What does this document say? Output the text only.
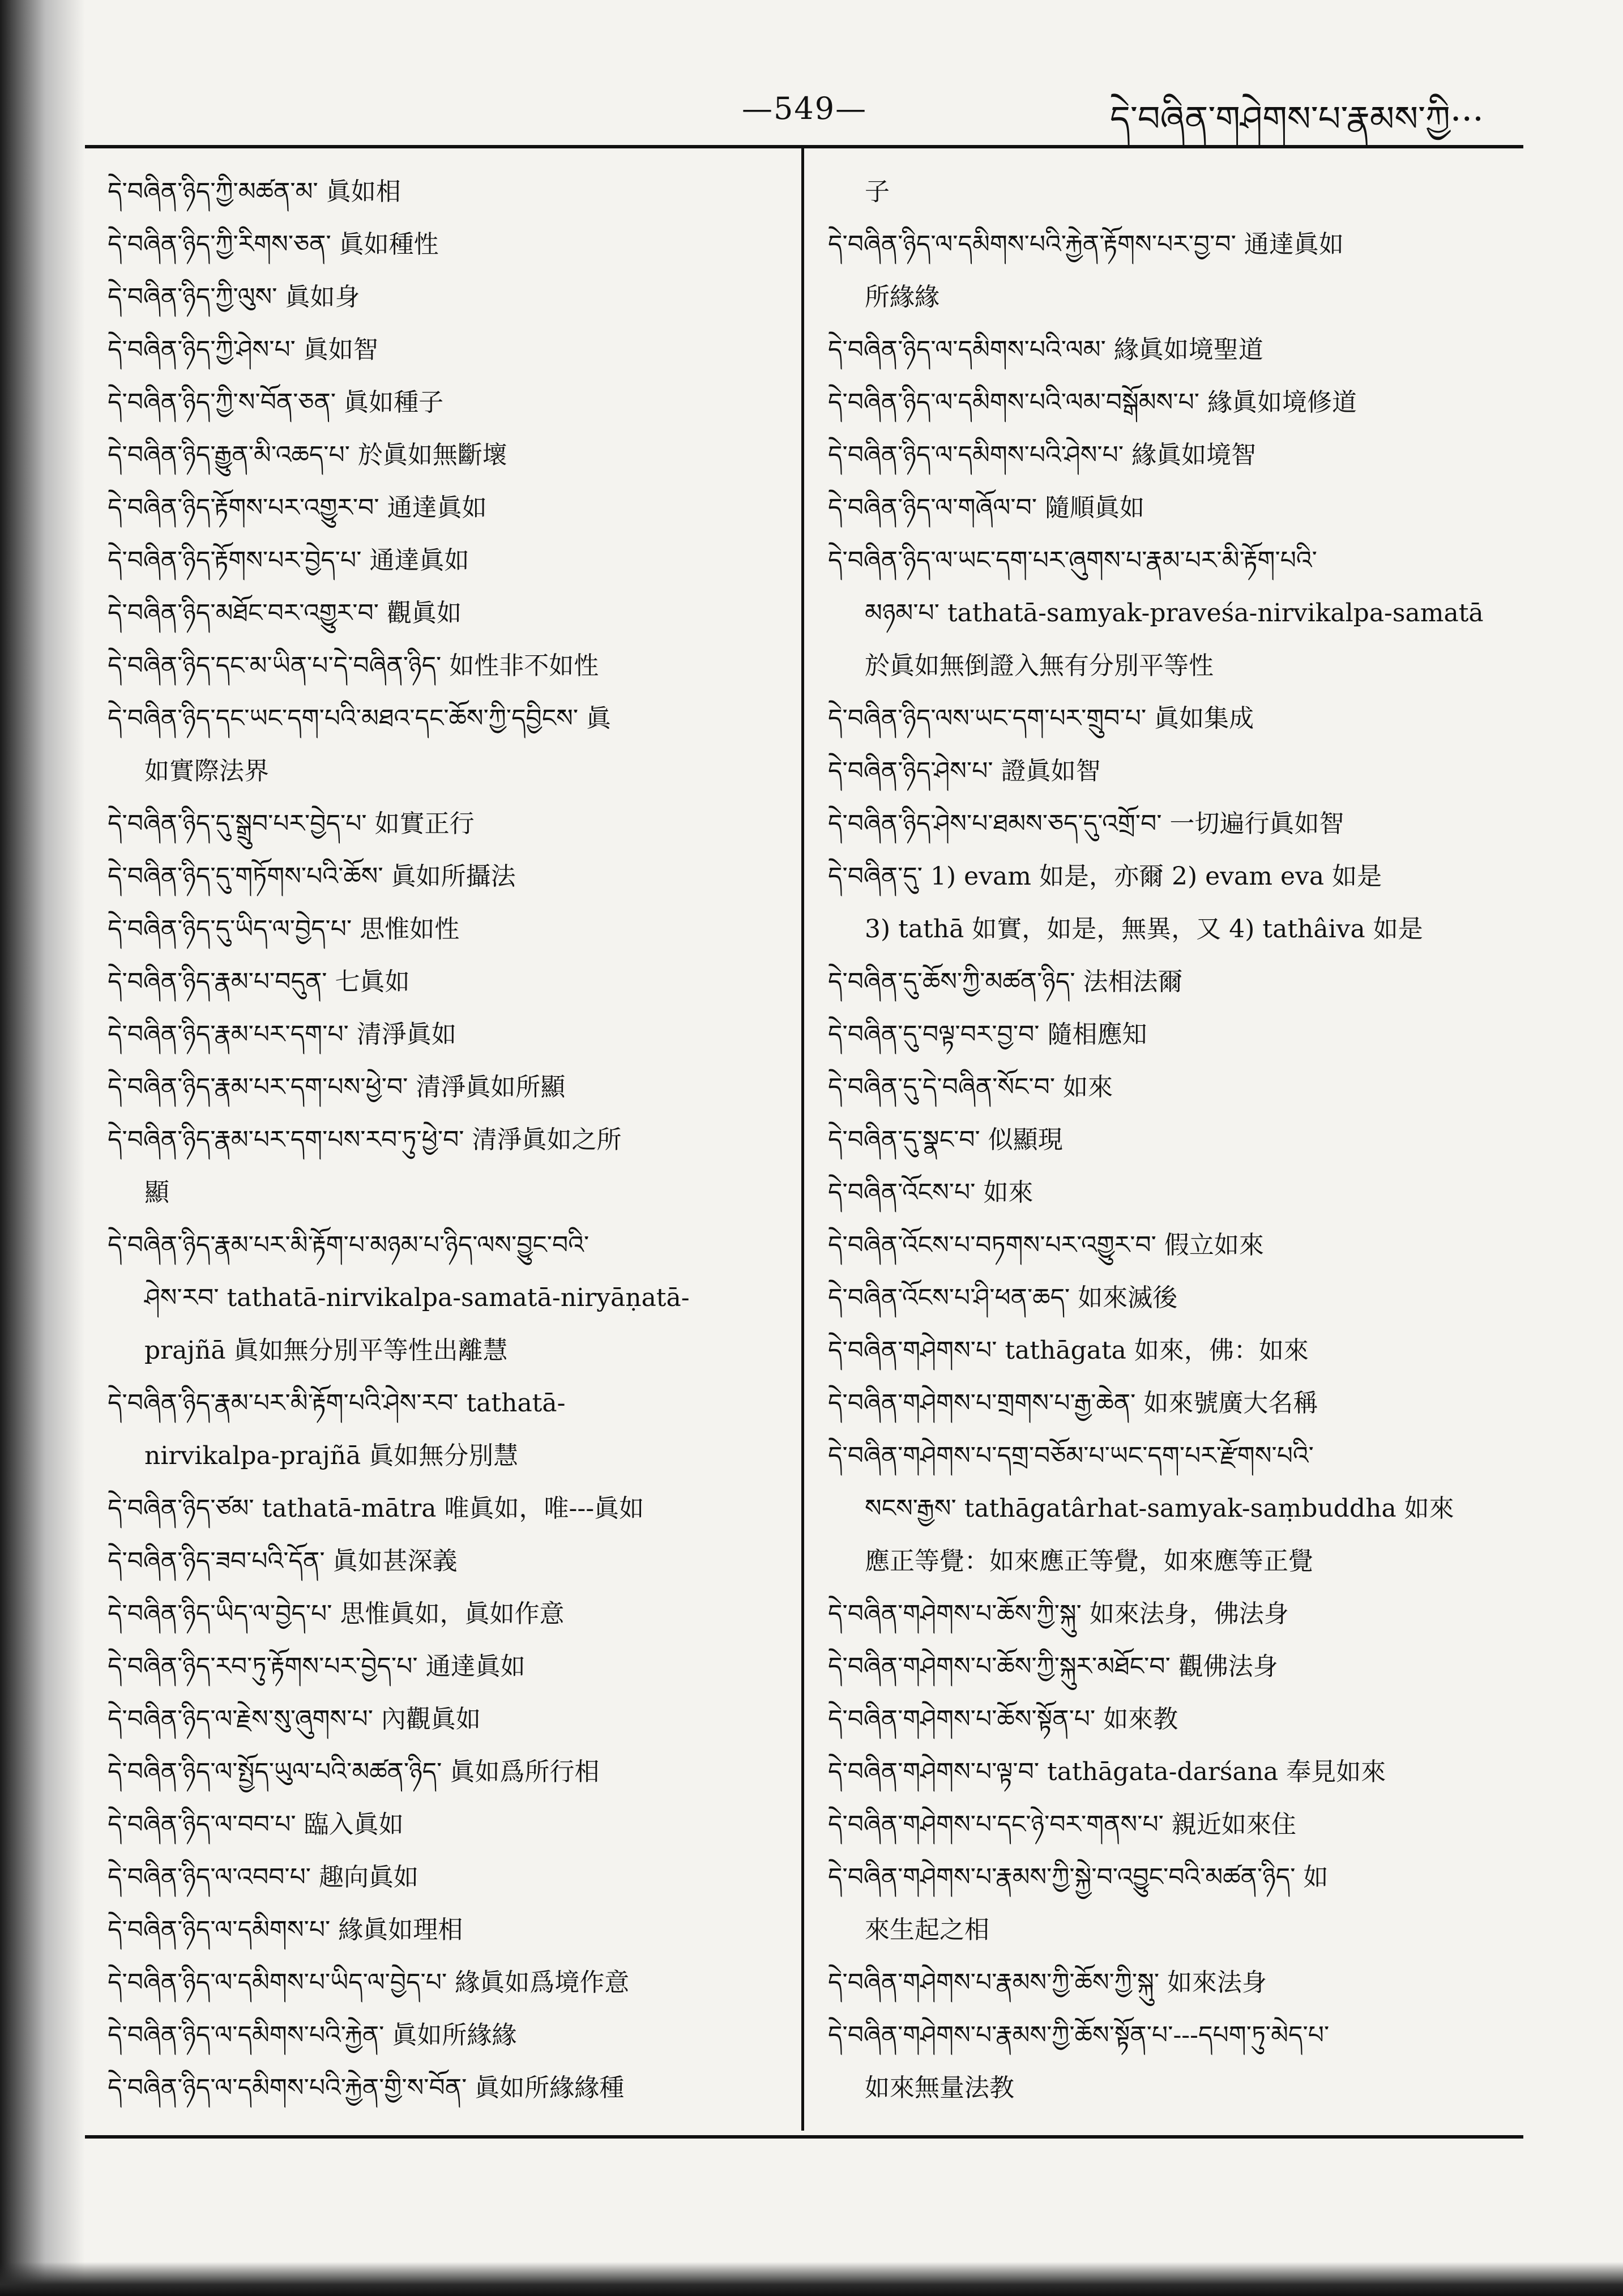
—549—	དེ་བཞིན་གཤེགས་པ་རྣམས་ཀྱི···
དེ་བཞིན་ཉིད་ཀྱི་མཚན་མ་ 眞如相
དེ་བཞིན་ཉིད་ཀྱི་རིགས་ཅན་ 眞如種性
དེ་བཞིན་ཉིད་ཀྱི་ལུས་ 眞如身
དེ་བཞིན་ཉིད་ཀྱི་ཤེས་པ་ 眞如智
དེ་བཞིན་ཉིད་ཀྱི་ས་བོན་ཅན་ 眞如種子
དེ་བཞིན་ཉིད་རྒྱུན་མི་འཆད་པ་ 於眞如無斷壞
དེ་བཞིན་ཉིད་རྟོགས་པར་འགྱུར་བ་ 通達眞如
དེ་བཞིན་ཉིད་རྟོགས་པར་བྱེད་པ་ 通達眞如
དེ་བཞིན་ཉིད་མཐོང་བར་འགྱུར་བ་ 觀眞如
དེ་བཞིན་ཉིད་དང་མ་ཡིན་པ་དེ་བཞིན་ཉིད་ 如性非不如性
དེ་བཞིན་ཉིད་དང་ཡང་དག་པའི་མཐའ་དང་ཆོས་ཀྱི་དབྱིངས་ 眞
如實際法界
དེ་བཞིན་ཉིད་དུ་སྒྲུབ་པར་བྱེད་པ་ 如實正行
དེ་བཞིན་ཉིད་དུ་གཏོགས་པའི་ཆོས་ 眞如所攝法
དེ་བཞིན་ཉིད་དུ་ཡིད་ལ་བྱེད་པ་ 思惟如性
དེ་བཞིན་ཉིད་རྣམ་པ་བདུན་ 七眞如
དེ་བཞིན་ཉིད་རྣམ་པར་དག་པ་ 清淨眞如
དེ་བཞིན་ཉིད་རྣམ་པར་དག་པས་ཕྱེ་བ་ 清淨眞如所顯
དེ་བཞིན་ཉིད་རྣམ་པར་དག་པས་རབ་ཏུ་ཕྱེ་བ་ 清淨眞如之所
顯
དེ་བཞིན་ཉིད་རྣམ་པར་མི་རྟོག་པ་མཉམ་པ་ཉིད་ལས་བྱུང་བའི་
ཤེས་རབ་ tathatā-nirvikalpa-samatā-niryāṇatā-
prajñā 眞如無分別平等性出離慧
དེ་བཞིན་ཉིད་རྣམ་པར་མི་རྟོག་པའི་ཤེས་རབ་ tathatā-
nirvikalpa-prajñā 眞如無分別慧
དེ་བཞིན་ཉིད་ཙམ་ tathatā-mātra 唯眞如，唯---眞如
དེ་བཞིན་ཉིད་ཟབ་པའི་དོན་ 眞如甚深義
དེ་བཞིན་ཉིད་ཡིད་ལ་བྱེད་པ་ 思惟眞如，眞如作意
དེ་བཞིན་ཉིད་རབ་ཏུ་རྟོགས་པར་བྱེད་པ་ 通達眞如
དེ་བཞིན་ཉིད་ལ་རྗེས་སུ་ཞུགས་པ་ 內觀眞如
དེ་བཞིན་ཉིད་ལ་སྤྱོད་ཡུལ་པའི་མཚན་ཉིད་ 眞如爲所行相
དེ་བཞིན་ཉིད་ལ་བབ་པ་ 臨入眞如
དེ་བཞིན་ཉིད་ལ་འབབ་པ་ 趣向眞如
དེ་བཞིན་ཉིད་ལ་དམིགས་པ་ 緣眞如理相
དེ་བཞིན་ཉིད་ལ་དམིགས་པ་ཡིད་ལ་བྱེད་པ་ 緣眞如爲境作意
དེ་བཞིན་ཉིད་ལ་དམིགས་པའི་རྐྱེན་ 眞如所緣緣
དེ་བཞིན་ཉིད་ལ་དམིགས་པའི་རྐྱེན་གྱི་ས་བོན་ 眞如所緣緣種
子
དེ་བཞིན་ཉིད་ལ་དམིགས་པའི་རྐྱེན་རྟོགས་པར་བྱ་བ་ 通達眞如
所緣緣
དེ་བཞིན་ཉིད་ལ་དམིགས་པའི་ལམ་ 緣眞如境聖道
དེ་བཞིན་ཉིད་ལ་དམིགས་པའི་ལམ་བསྒོམས་པ་ 緣眞如境修道
དེ་བཞིན་ཉིད་ལ་དམིགས་པའི་ཤེས་པ་ 緣眞如境智
དེ་བཞིན་ཉིད་ལ་གཞོལ་བ་ 隨順眞如
དེ་བཞིན་ཉིད་ལ་ཡང་དག་པར་ཞུགས་པ་རྣམ་པར་མི་རྟོག་པའི་
མཉམ་པ་ tathatā-samyak-praveśa-nirvikalpa-samatā
於眞如無倒證入無有分別平等性
དེ་བཞིན་ཉིད་ལས་ཡང་དག་པར་གྲུབ་པ་ 眞如集成
དེ་བཞིན་ཉིད་ཤེས་པ་ 證眞如智
དེ་བཞིན་ཉིད་ཤེས་པ་ཐམས་ཅད་དུ་འགྲོ་བ་ 一切遍行眞如智
དེ་བཞིན་དུ་ 1) evam 如是，亦爾 2) evam eva 如是
3) tathā 如實，如是，無異，又 4) tathâiva 如是
དེ་བཞིན་དུ་ཆོས་ཀྱི་མཚན་ཉིད་ 法相法爾
དེ་བཞིན་དུ་བལྟ་བར་བྱ་བ་ 隨相應知
དེ་བཞིན་དུ་དེ་བཞིན་སོང་བ་ 如來
དེ་བཞིན་དུ་སྣང་བ་ 似顯現
དེ་བཞིན་འོངས་པ་ 如來
དེ་བཞིན་འོངས་པ་བཏགས་པར་འགྱུར་བ་ 假立如來
དེ་བཞིན་འོངས་པ་ཤི་ཕན་ཆད་ 如來滅後
དེ་བཞིན་གཤེགས་པ་ tathāgata 如來，佛：如來
དེ་བཞིན་གཤེགས་པ་གྲགས་པ་རྒྱ་ཆེན་ 如來號廣大名稱
དེ་བཞིན་གཤེགས་པ་དགྲ་བཅོམ་པ་ཡང་དག་པར་རྫོགས་པའི་
སངས་རྒྱས་ tathāgatârhat-samyak-saṃbuddha 如來
應正等覺：如來應正等覺，如來應等正覺
དེ་བཞིན་གཤེགས་པ་ཆོས་ཀྱི་སྐུ་ 如來法身，佛法身
དེ་བཞིན་གཤེགས་པ་ཆོས་ཀྱི་སྐུར་མཐོང་བ་ 觀佛法身
དེ་བཞིན་གཤེགས་པ་ཆོས་སྟོན་པ་ 如來教
དེ་བཞིན་གཤེགས་པ་ལྟ་བ་ tathāgata-darśana 奉見如來
དེ་བཞིན་གཤེགས་པ་དང་ཉེ་བར་གནས་པ་ 親近如來住
དེ་བཞིན་གཤེགས་པ་རྣམས་ཀྱི་སྐྱེ་བ་འབྱུང་བའི་མཚན་ཉིད་ 如
來生起之相
དེ་བཞིན་གཤེགས་པ་རྣམས་ཀྱི་ཆོས་ཀྱི་སྐུ་ 如來法身
དེ་བཞིན་གཤེགས་པ་རྣམས་ཀྱི་ཆོས་སྟོན་པ་---དཔག་ཏུ་མེད་པ་
如來無量法教
